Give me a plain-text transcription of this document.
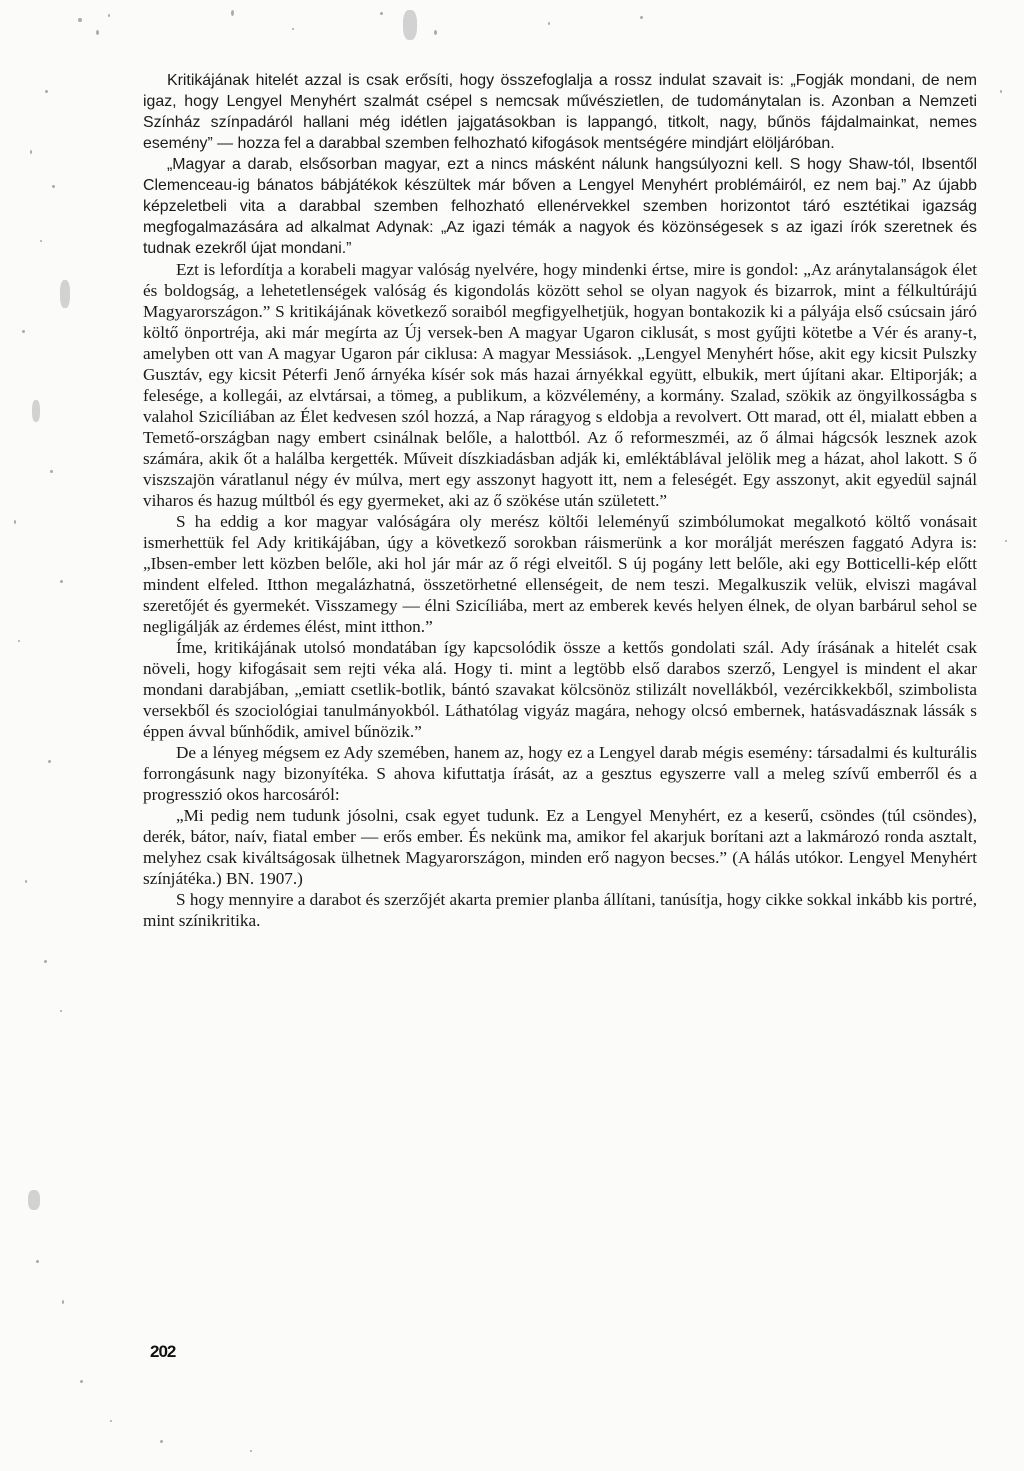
Kritikájának hitelét azzal is csak erősíti, hogy összefoglalja a rossz indulat szavait is: „Fogják mondani, de nem igaz, hogy Lengyel Menyhért szalmát csépel s nemcsak művészietlen, de tudománytalan is. Azonban a Nemzeti Színház színpadáról hallani még idétlen jajgatásokban is lappangó, titkolt, nagy, bűnös fájdalmainkat, nemes esemény” — hozza fel a darabbal szemben felhozható kifogások mentségére mindjárt elöljáróban.

„Magyar a darab, elsősorban magyar, ezt a nincs másként nálunk hangsúlyozni kell. S hogy Shaw-tól, Ibsentől Clemenceau-ig bánatos bábjátékok készültek már bőven a Lengyel Menyhért problémáiról, ez nem baj.” Az újabb képzeletbeli vita a darabbal szemben felhozható ellenérvekkel szemben horizontot táró esztétikai igazság megfogalmazására ad alkalmat Adynak: „Az igazi témák a nagyok és közönségesek s az igazi írók szeretnek és tudnak ezekről újat mondani.”

Ezt is lefordítja a korabeli magyar valóság nyelvére, hogy mindenki értse, mire is gondol: „Az aránytalanságok élet és boldogság, a lehetetlenségek valóság és kigondolás között sehol se olyan nagyok és bizarrok, mint a félkultúrájú Magyarországon.” S kritikájának következő soraiból megfigyelhetjük, hogyan bontakozik ki a pályája első csúcsain járó költő önportréja, aki már megírta az Új versek-ben A magyar Ugaron ciklusát, s most gyűjti kötetbe a Vér és arany-t, amelyben ott van A magyar Ugaron pár ciklusa: A magyar Messiások. „Lengyel Menyhért hőse, akit egy kicsit Pulszky Gusztáv, egy kicsit Péterfi Jenő árnyéka kísér sok más hazai árnyékkal együtt, elbukik, mert újítani akar. Eltiporják; a felesége, a kollegái, az elvtársai, a tömeg, a publikum, a közvélemény, a kormány. Szalad, szökik az öngyilkosságba s valahol Szicíliában az Élet kedvesen szól hozzá, a Nap ráragyog s eldobja a revolvert. Ott marad, ott él, mialatt ebben a Temető-országban nagy embert csinálnak belőle, a halottból. Az ő reformeszméi, az ő álmai hágcsók lesznek azok számára, akik őt a halálba kergették. Műveit díszkiadásban adják ki, emléktáblával jelölik meg a házat, ahol lakott. S ő viszszajön váratlanul négy év múlva, mert egy asszonyt hagyott itt, nem a feleségét. Egy asszonyt, akit egyedül sajnál viharos és hazug múltból és egy gyermeket, aki az ő szökése után született.”

S ha eddig a kor magyar valóságára oly merész költői leleményű szimbólumokat megalkotó költő vonásait ismerhettük fel Ady kritikájában, úgy a következő sorokban ráismerünk a kor morálját merészen faggató Adyra is: „Ibsen-ember lett közben belőle, aki hol jár már az ő régi elveitől. S új pogány lett belőle, aki egy Botticelli-kép előtt mindent elfeled. Itthon megalázhatná, összetörhetné ellenségeit, de nem teszi. Megalkuszik velük, elviszi magával szeretőjét és gyermekét. Visszamegy — élni Szicíliába, mert az emberek kevés helyen élnek, de olyan barbárul sehol se negligálják az érdemes élést, mint itthon.”

Íme, kritikájának utolsó mondatában így kapcsolódik össze a kettős gondolati szál. Ady írásának a hitelét csak növeli, hogy kifogásait sem rejti véka alá. Hogy ti. mint a legtöbb első darabos szerző, Lengyel is mindent el akar mondani darabjában, „emiatt csetlik-botlik, bántó szavakat kölcsönöz stilizált novellákból, vezércikkekből, szimbolista versekből és szociológiai tanulmányokból. Láthatólag vigyáz magára, nehogy olcsó embernek, hatásvadásznak lássák s éppen ávval bűnhődik, amivel bűnözik.”

De a lényeg mégsem ez Ady szemében, hanem az, hogy ez a Lengyel darab mégis esemény: társadalmi és kulturális forrongásunk nagy bizonyítéka. S ahova kifuttatja írását, az a gesztus egyszerre vall a meleg szívű emberről és a progresszió okos harcosáról:

„Mi pedig nem tudunk jósolni, csak egyet tudunk. Ez a Lengyel Menyhért, ez a keserű, csöndes (túl csöndes), derék, bátor, naív, fiatal ember — erős ember. És nekünk ma, amikor fel akarjuk borítani azt a lakmározó ronda asztalt, melyhez csak kiváltságosak ülhetnek Magyarországon, minden erő nagyon becses.” (A hálás utókor. Lengyel Menyhért színjátéka.) BN. 1907.)

S hogy mennyire a darabot és szerzőjét akarta premier planba állítani, tanúsítja, hogy cikke sokkal inkább kis portré, mint színikritika.

202
